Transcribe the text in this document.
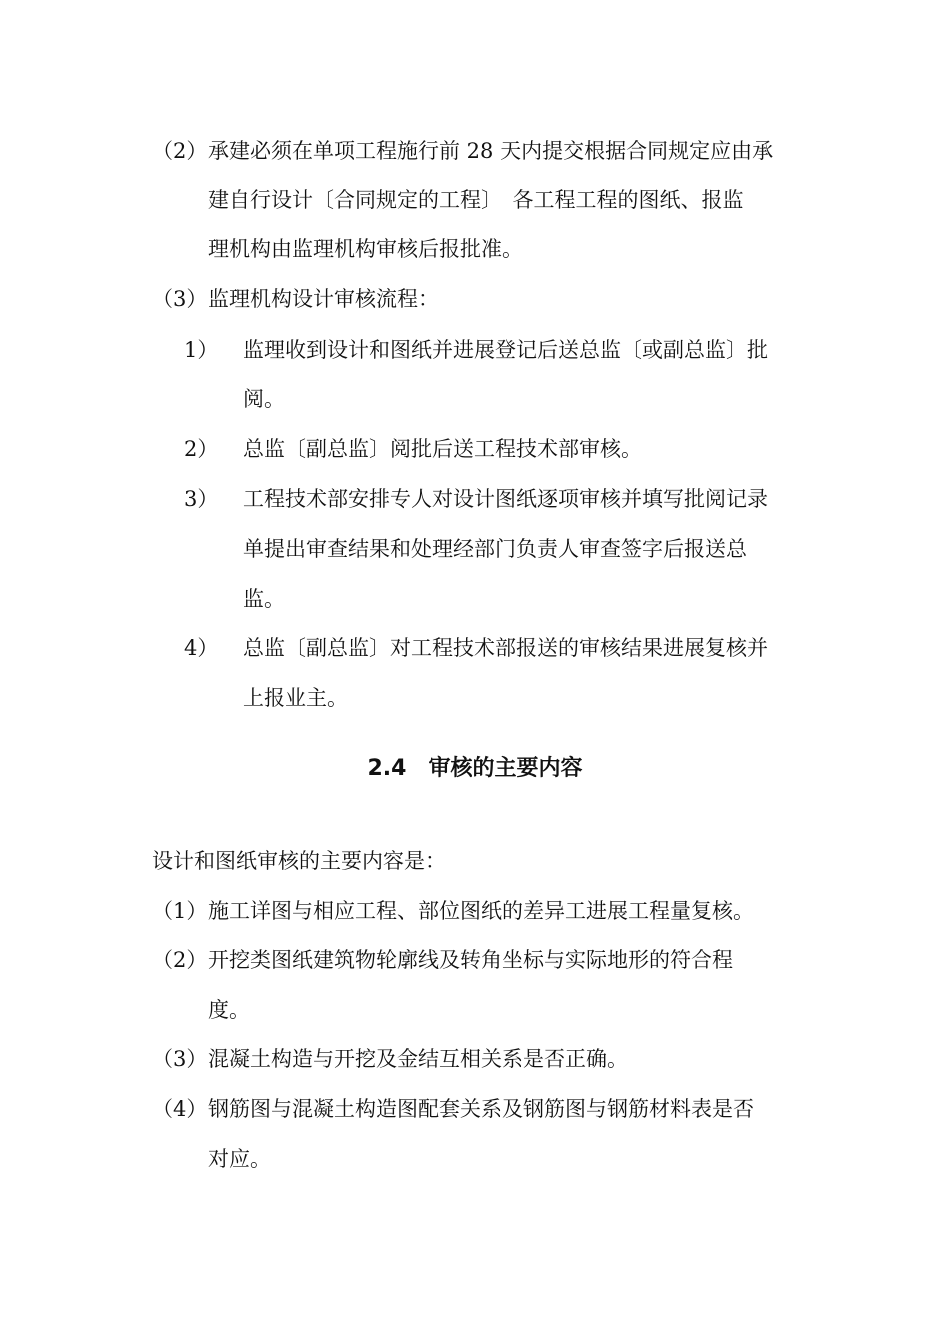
（2） 承建必须在单项工程施行前 28 天内提交根据合同规定应由承
建自行设计〔合同规定的工程〕　各工程工程的图纸、报监
理机构由监理机构审核后报批准。
（3） 监理机构设计审核流程：
1） 监理收到设计和图纸并进展登记后送总监〔或副总监〕批
阅。
2） 总监〔副总监〕阅批后送工程技术部审核。
3） 工程技术部安排专人对设计图纸逐项审核并填写批阅记录
单提出审查结果和处理经部门负责人审查签字后报送总
监。
4） 总监〔副总监〕对工程技术部报送的审核结果进展复核并
上报业主。
2.4 审核的主要内容
设计和图纸审核的主要内容是：
（1） 施工详图与相应工程、部位图纸的差异工进展工程量复核。
（2） 开挖类图纸建筑物轮廓线及转角坐标与实际地形的符合程
度。
（3） 混凝土构造与开挖及金结互相关系是否正确。
（4） 钢筋图与混凝土构造图配套关系及钢筋图与钢筋材料表是否
对应。
